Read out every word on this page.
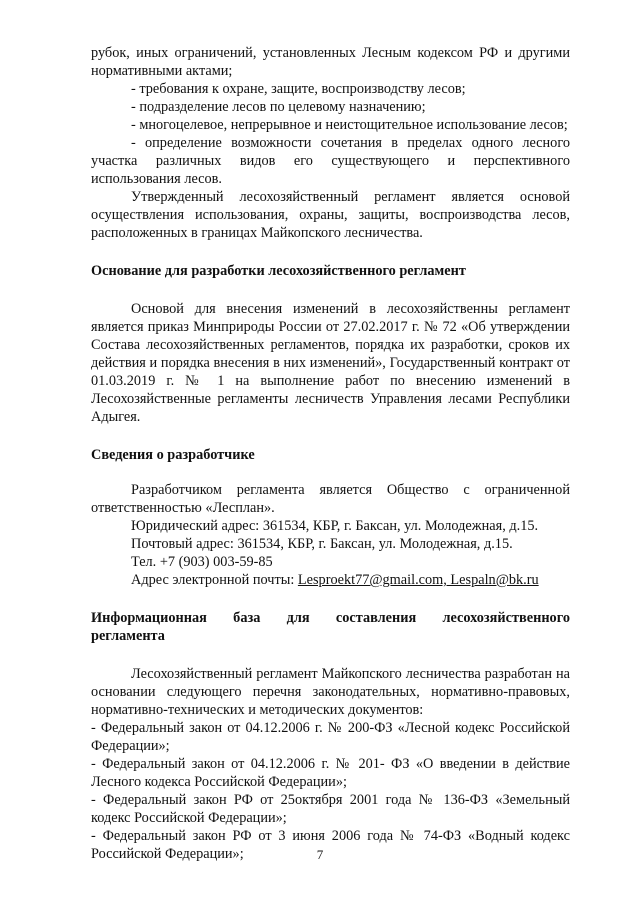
рубок, иных ограничений, установленных Лесным кодексом РФ и другими

нормативными актами;

- требования к охране, защите, воспроизводству лесов;

- подразделение лесов по целевому назначению;

- многоцелевое, непрерывное и неистощительное использование лесов;

- определение возможности сочетания в пределах одного лесного

участка различных видов его существующего и перспективного

использования лесов.

Утвержденный лесохозяйственный регламент является основой осуществления использования, охраны, защиты, воспроизводства лесов, расположенных в границах Майкопского лесничества.

Основание для разработки лесохозяйственного регламент

Основой для внесения изменений в лесохозяйственны регламент является приказ Минприроды России от 27.02.2017 г. № 72 «Об утверждении Состава лесохозяйственных регламентов, порядка их разработки, сроков их действия и порядка внесения в них изменений», Государственный контракт от 01.03.2019 г. № 1 на выполнение работ по внесению изменений в Лесохозяйственные регламенты лесничеств Управления лесами Республики Адыгея.

Сведения о разработчике

Разработчиком регламента является Общество с ограниченной ответственностью «Лесплан».

Юридический адрес: 361534, КБР, г. Баксан, ул. Молодежная, д.15.

Почтовый адрес: 361534, КБР, г. Баксан, ул. Молодежная, д.15.

Тел. +7 (903) 003-59-85

Адрес электронной почты: Lesproekt77@gmail.com, Lespaln@bk.ru

Информационная база для составления лесохозяйственного

регламента

Лесохозяйственный регламент Майкопского лесничества разработан на основании следующего перечня законодательных, нормативно-правовых, нормативно-технических и методических документов:

- Федеральный закон от 04.12.2006 г. № 200-ФЗ «Лесной кодекс Российской Федерации»;

- Федеральный закон от 04.12.2006 г. № 201- ФЗ «О введении в действие Лесного кодекса Российской Федерации»;

- Федеральный закон РФ от 25октября 2001 года № 136-ФЗ «Земельный кодекс Российской Федерации»;

- Федеральный закон РФ от 3 июня 2006 года № 74-ФЗ «Водный кодекс Российской Федерации»;	7
